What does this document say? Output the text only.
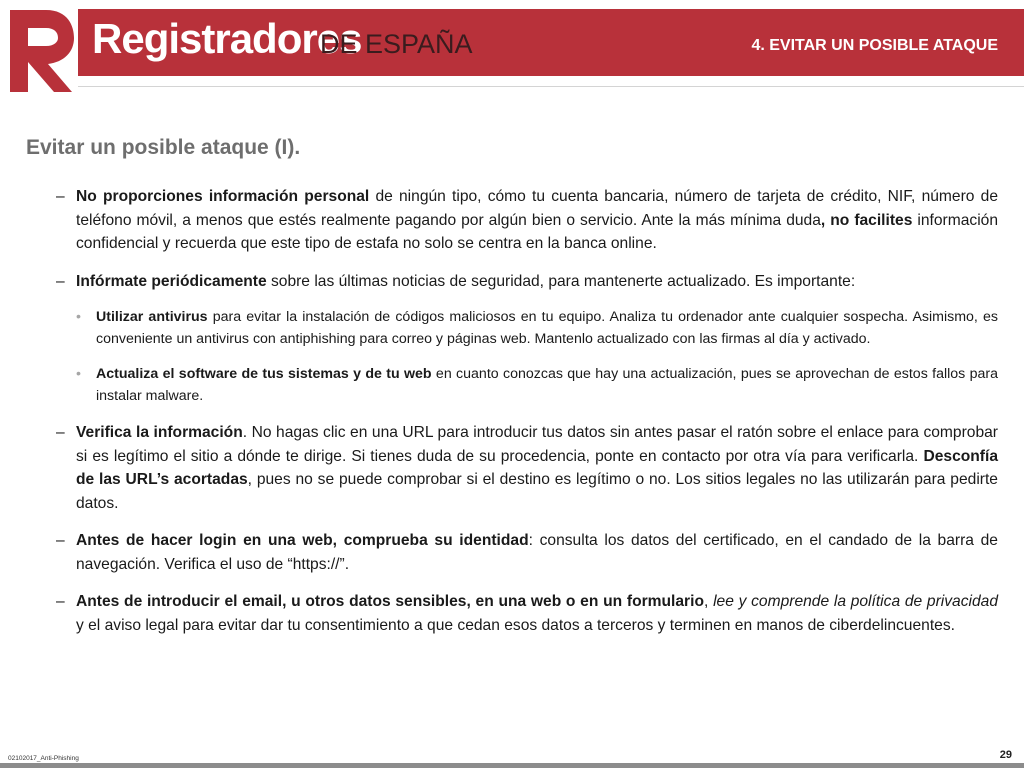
Registradores
DE ESPAÑA	4. EVITAR UN POSIBLE ATAQUE
Evitar un posible ataque (I).
– No proporciones información personal de ningún tipo, cómo tu cuenta bancaria, número de tarjeta de crédito, NIF, número de teléfono móvil, a menos que estés realmente pagando por algún bien o servicio. Ante la más mínima duda, no facilites información confidencial y recuerda que este tipo de estafa no solo se centra en la banca online.
– Infórmate periódicamente sobre las últimas noticias de seguridad, para mantenerte actualizado. Es importante:
• Utilizar antivirus para evitar la instalación de códigos maliciosos en tu equipo. Analiza tu ordenador ante cualquier sospecha. Asimismo, es conveniente un antivirus con antiphishing para correo y páginas web. Mantenlo actualizado con las firmas al día y activado.
• Actualiza el software de tus sistemas y de tu web en cuanto conozcas que hay una actualización, pues se aprovechan de estos fallos para instalar malware.
– Verifica la información. No hagas clic en una URL para introducir tus datos sin antes pasar el ratón sobre el enlace para comprobar si es legítimo el sitio a dónde te dirige. Si tienes duda de su procedencia, ponte en contacto por otra vía para verificarla. Desconfía de las URL’s acortadas, pues no se puede comprobar si el destino es legítimo o no. Los sitios legales no las utilizarán para pedirte datos.
– Antes de hacer login en una web, comprueba su identidad: consulta los datos del certificado, en el candado de la barra de navegación. Verifica el uso de “https://”.
– Antes de introducir el email, u otros datos sensibles, en una web o en un formulario, lee y comprende la política de privacidad y el aviso legal para evitar dar tu consentimiento a que cedan esos datos a terceros y terminen en manos de ciberdelincuentes.
02102017_Anti-Phishing	29
